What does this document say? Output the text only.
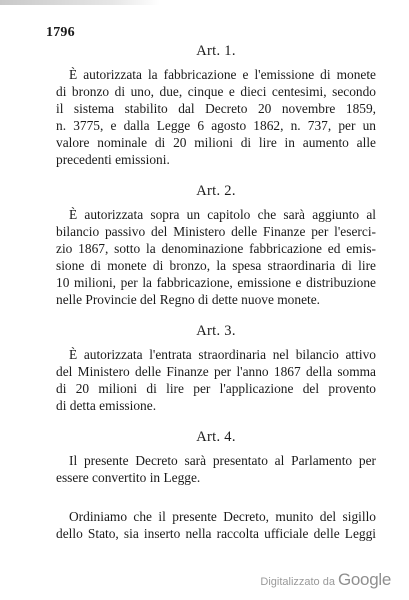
1796
Art. 1.
È autorizzata la fabbricazione e l'emissione di monete
di bronzo di uno, due, cinque e dieci centesimi, secondo
il sistema stabilito dal Decreto 20 novembre 1859,
n. 3775, e dalla Legge 6 agosto 1862, n. 737, per un
valore nominale di 20 milioni di lire in aumento alle
precedenti emissioni.
Art. 2.
È autorizzata sopra un capitolo che sarà aggiunto al
bilancio passivo del Ministero delle Finanze per l'eserci-
zio 1867, sotto la denominazione fabbricazione ed emis-
sione di monete di bronzo, la spesa straordinaria di lire
10 milioni, per la fabbricazione, emissione e distribuzione
nelle Provincie del Regno di dette nuove monete.
Art. 3.
È autorizzata l'entrata straordinaria nel bilancio attivo
del Ministero delle Finanze per l'anno 1867 della somma
di 20 milioni di lire per l'applicazione del provento
di detta emissione.
Art. 4.
Il presente Decreto sarà presentato al Parlamento per
essere convertito in Legge.
Ordiniamo che il presente Decreto, munito del sigillo
dello Stato, sia inserto nella raccolta ufficiale delle Leggi
Digitalizzato da Google
